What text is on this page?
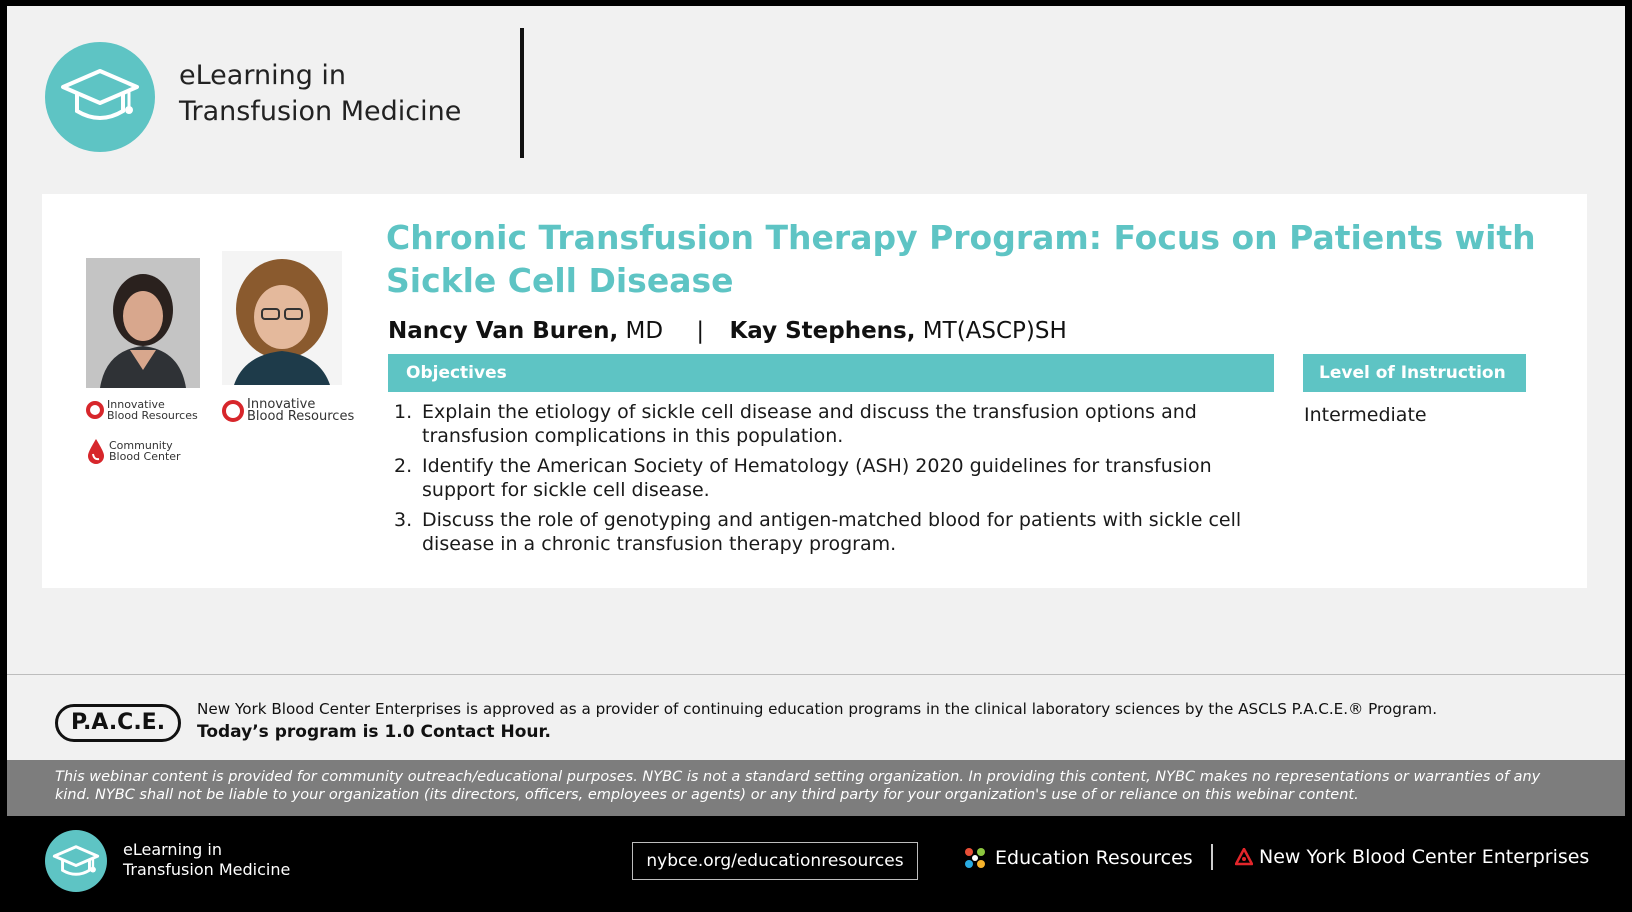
eLearning in
Transfusion Medicine
Innovative
Blood Resources
Community
Blood Center
Innovative
Blood Resources
Chronic Transfusion Therapy Program: Focus on Patients with Sickle Cell Disease
Nancy Van Buren, MD | Kay Stephens, MT(ASCP)SH
Objectives	Level of Instruction
1. Explain the etiology of sickle cell disease and discuss the transfusion options and transfusion complications in this population.
2. Identify the American Society of Hematology (ASH) 2020 guidelines for transfusion support for sickle cell disease.
3. Discuss the role of genotyping and antigen-matched blood for patients with sickle cell disease in a chronic transfusion therapy program.
Intermediate
P.A.C.E.
New York Blood Center Enterprises is approved as a provider of continuing education programs in the clinical laboratory sciences by the ASCLS P.A.C.E.® Program.
Today’s program is 1.0 Contact Hour.
This webinar content is provided for community outreach/educational purposes. NYBC is not a standard setting organization. In providing this content, NYBC makes no representations or warranties of any kind. NYBC shall not be liable to your organization (its directors, officers, employees or agents) or any third party for your organization's use of or reliance on this webinar content.
eLearning in
Transfusion Medicine	nybce.org/educationresources	Education Resources	New York Blood Center Enterprises
